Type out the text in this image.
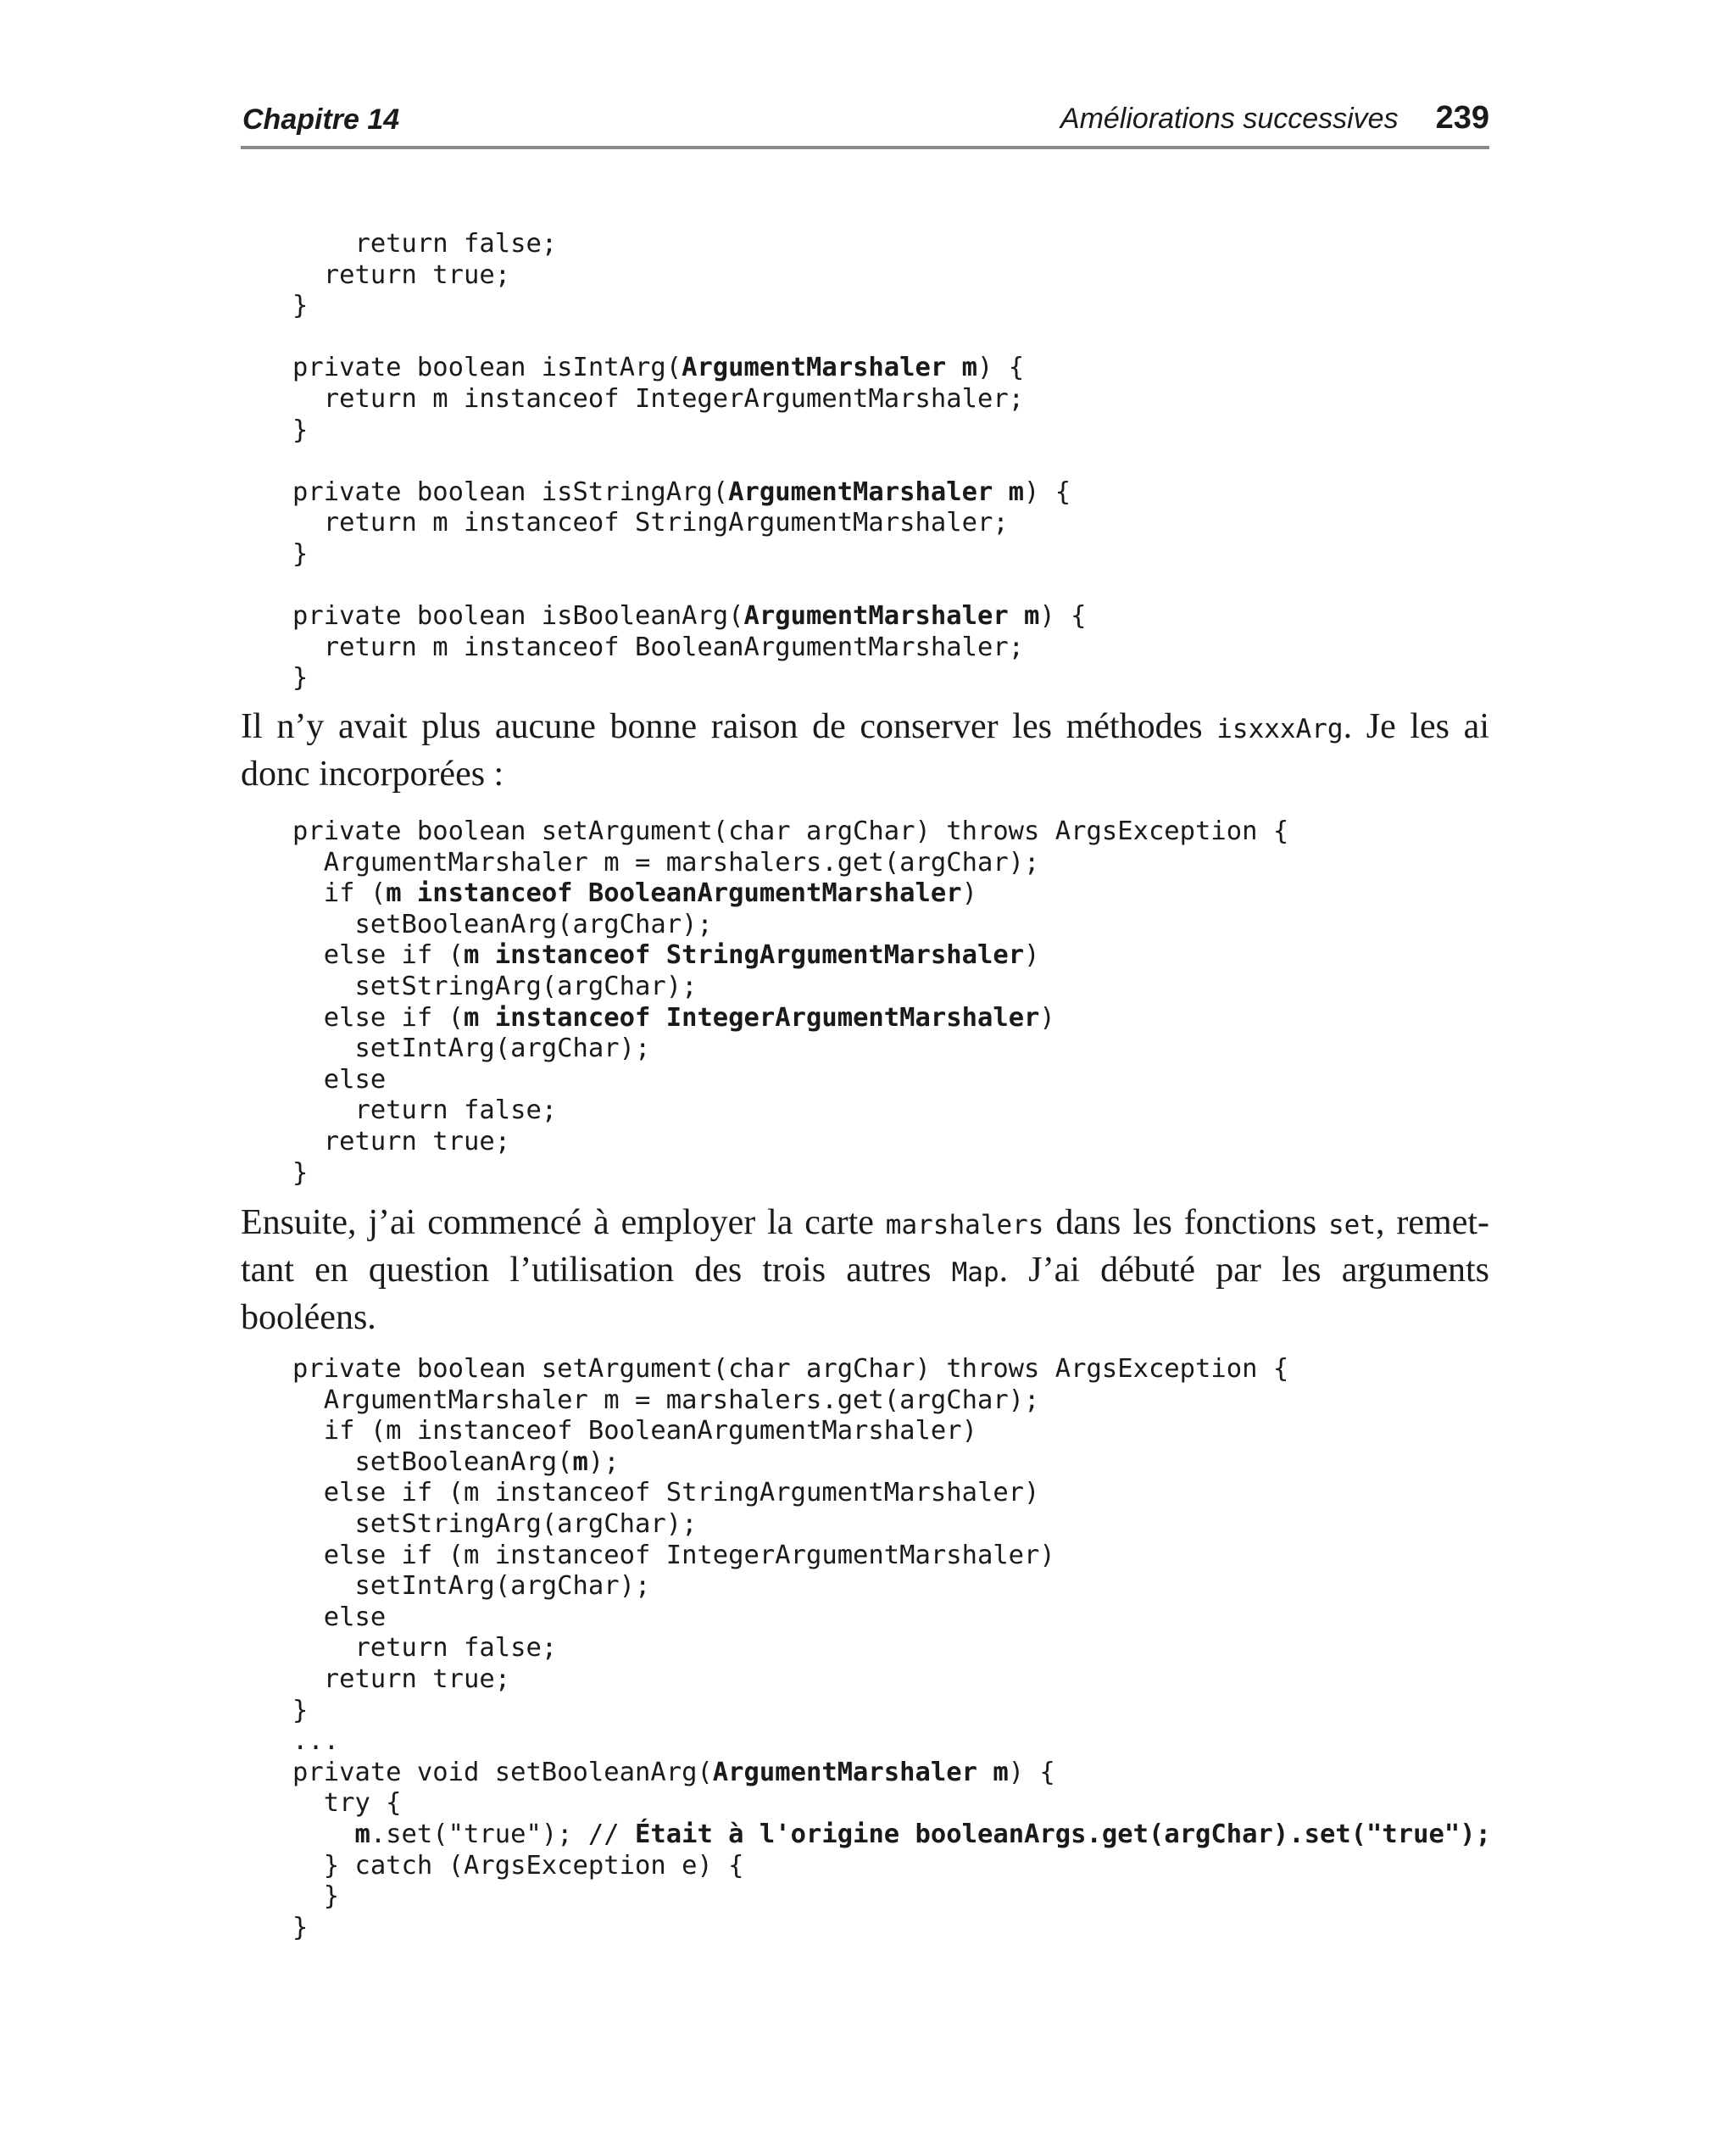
Chapitre 14	Améliorations successives 239
return false;
return true;
}
private boolean isIntArg(ArgumentMarshaler m) {
return m instanceof IntegerArgumentMarshaler;
}
private boolean isStringArg(ArgumentMarshaler m) {
return m instanceof StringArgumentMarshaler;
}
private boolean isBooleanArg(ArgumentMarshaler m) {
return m instanceof BooleanArgumentMarshaler;
}

Il n’y avait plus aucune bonne raison de conserver les méthodes isxxxArg. Je les ai donc incorporées :

private boolean setArgument(char argChar) throws ArgsException {
ArgumentMarshaler m = marshalers.get(argChar);
if (m instanceof BooleanArgumentMarshaler)
setBooleanArg(argChar);
else if (m instanceof StringArgumentMarshaler)
setStringArg(argChar);
else if (m instanceof IntegerArgumentMarshaler)
setIntArg(argChar);
else
return false;
return true;
}

Ensuite, j’ai commencé à employer la carte marshalers dans les fonctions set, remettant en question l’utilisation des trois autres Map. J’ai débuté par les arguments booléens.

private boolean setArgument(char argChar) throws ArgsException {
ArgumentMarshaler m = marshalers.get(argChar);
if (m instanceof BooleanArgumentMarshaler)
setBooleanArg(m);
else if (m instanceof StringArgumentMarshaler)
setStringArg(argChar);
else if (m instanceof IntegerArgumentMarshaler)
setIntArg(argChar);
else
return false;
return true;
}
...
private void setBooleanArg(ArgumentMarshaler m) {
try {
m.set("true"); // Était à l'origine booleanArgs.get(argChar).set("true");
} catch (ArgsException e) {
}
}
